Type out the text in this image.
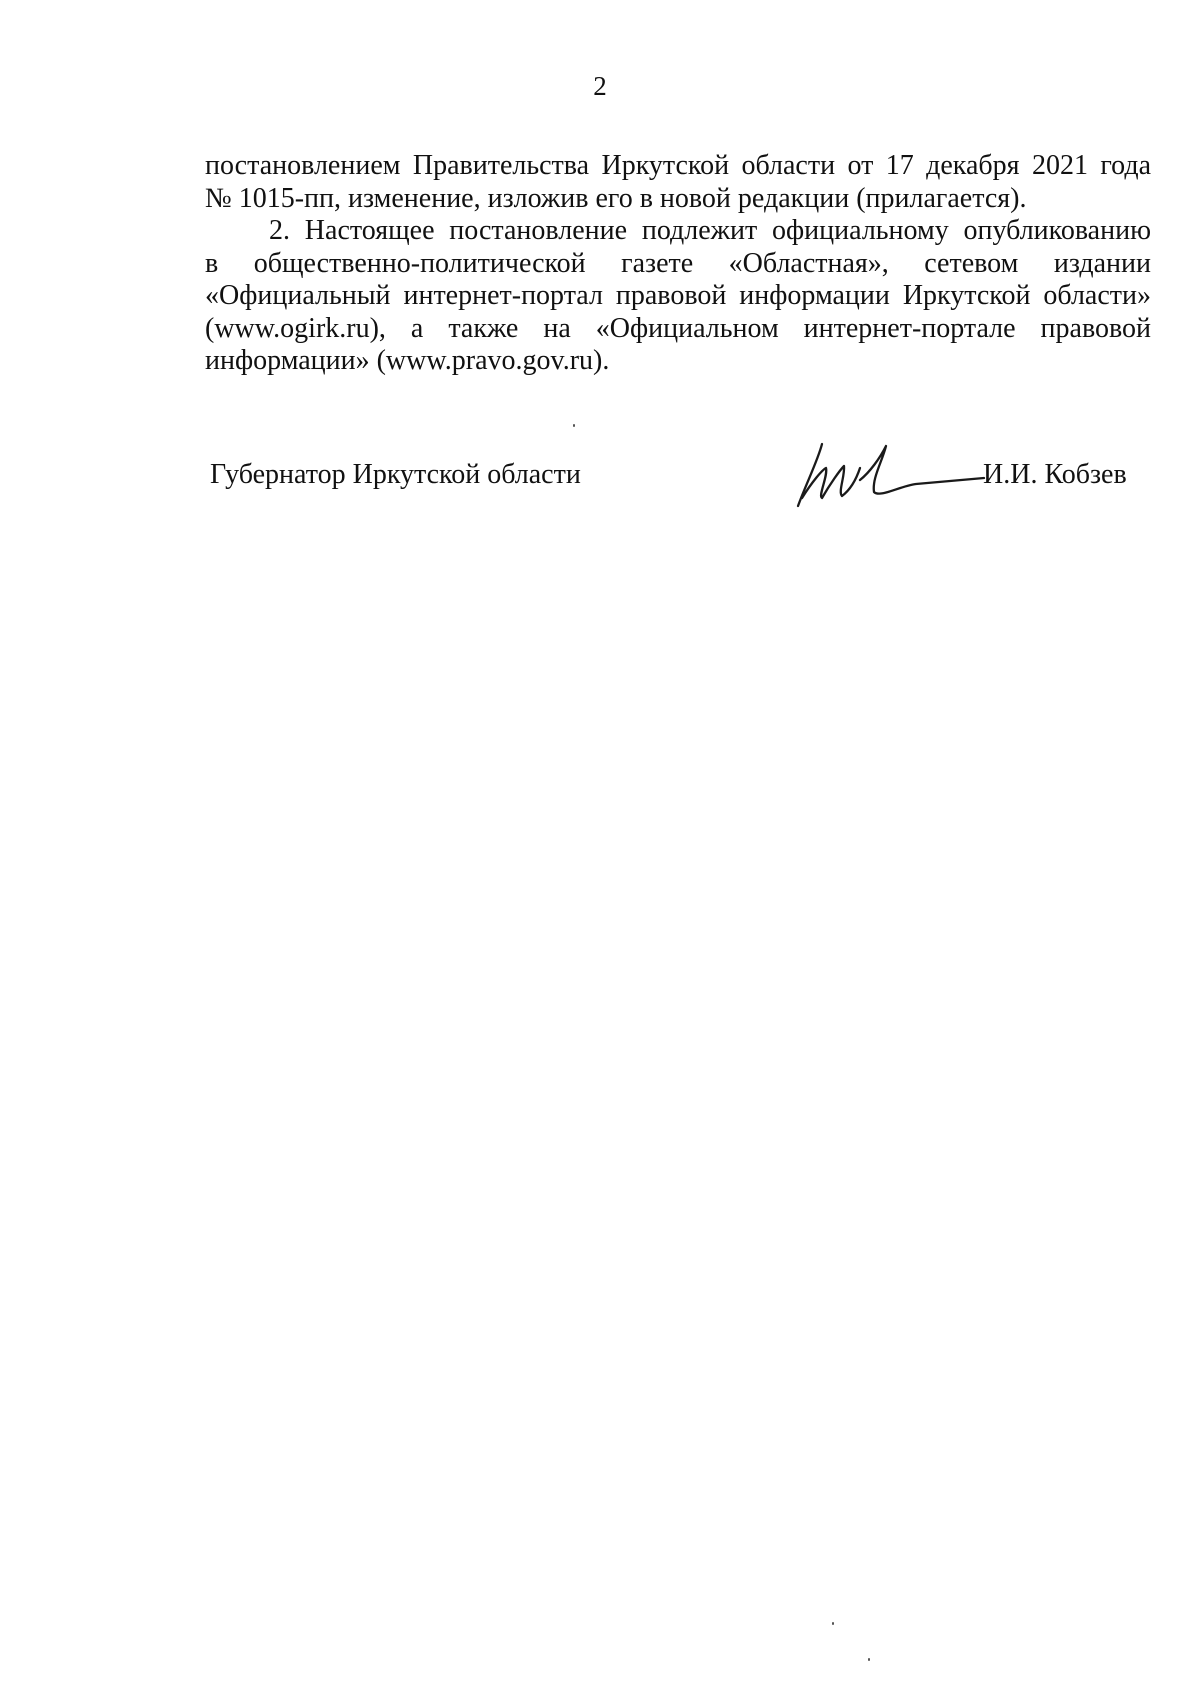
2
постановлением Правительства Иркутской области от 17 декабря 2021 года
№ 1015-пп, изменение, изложив его в новой редакции (прилагается).
2. Настоящее постановление подлежит официальному опубликованию
в общественно-политической газете «Областная», сетевом издании
«Официальный интернет-портал правовой информации Иркутской области»
(www.ogirk.ru), а также на «Официальном интернет-портале правовой
информации» (www.pravo.gov.ru).
Губернатор Иркутской области	И.И. Кобзев
